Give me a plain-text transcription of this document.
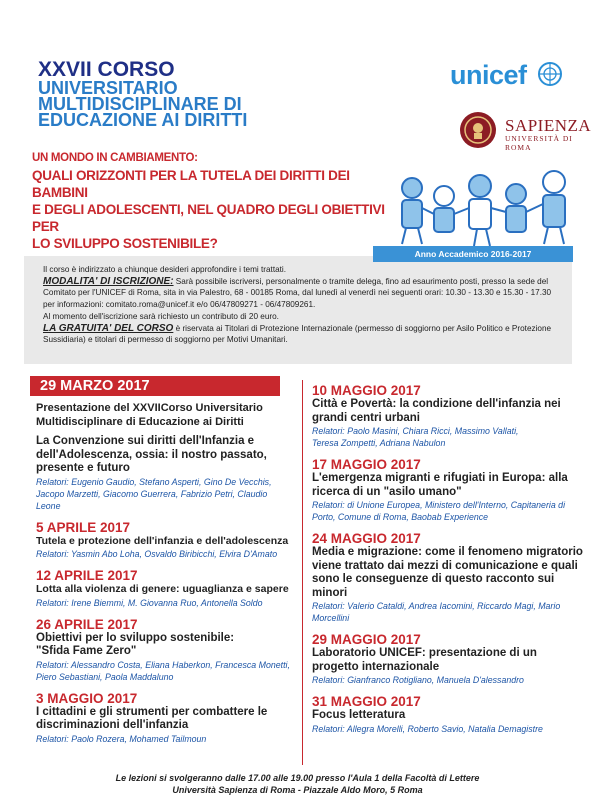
XXVII CORSO
UNIVERSITARIO
MULTIDISCIPLINARE DI
EDUCAZIONE AI DIRITTI
unicef
SAPIENZA
UNIVERSITÀ DI ROMA
UN MONDO IN CAMBIAMENTO:
QUALI ORIZZONTI PER LA TUTELA DEI DIRITTI DEI BAMBINI
E DEGLI ADOLESCENTI, NEL QUADRO DEGLI OBIETTIVI PER
LO SVILUPPO SOSTENIBILE?
Anno Accademico 2016-2017

Il corso è indirizzato a chiunque desideri approfondire i temi trattati.

MODALITA' DI ISCRIZIONE: Sarà possibile iscriversi, personalmente o tramite delega, fino ad esaurimento posti, presso la sede del Comitato per l'UNICEF di Roma, sita in via Palestro, 68 - 00185 Roma, dal lunedì al venerdì nei seguenti orari: 10.30 - 13.30 e 15.30 - 17.30 per informazioni: comitato.roma@unicef.it e/o 06/47809271 - 06/47809261.

Al momento dell'iscrizione sarà richiesto un contributo di 20 euro.

LA GRATUITA' DEL CORSO è riservata ai Titolari di Protezione Internazionale (permesso di soggiorno per Asilo Politico e Protezione Sussidiaria) e titolari di permesso di soggiorno per Motivi Umanitari.

29 MARZO 2017
Presentazione del XXVIICorso Universitario
Multidisciplinare di Educazione ai Diritti
La Convenzione sui diritti dell'Infanzia e dell'Adolescenza, ossia: il nostro passato, presente e futuro
Relatori: Eugenio Gaudio, Stefano Asperti, Gino De Vecchis, Jacopo Marzetti, Giacomo Guerrera, Fabrizio Petri, Claudio Leone
5 APRILE 2017
Tutela e protezione dell'infanzia e dell'adolescenza
Relatori: Yasmin Abo Loha, Osvaldo Biribicchi, Elvira D'Amato
12 APRILE 2017
Lotta alla violenza di genere: uguaglianza e sapere
Relatori: Irene Biemmi, M. Giovanna Ruo, Antonella Soldo
26 APRILE 2017
Obiettivi per lo sviluppo sostenibile: "Sfida Fame Zero"
Relatori: Alessandro Costa, Eliana Haberkon, Francesca Monetti, Piero Sebastiani, Paola Maddaluno
3 MAGGIO 2017
I cittadini e gli strumenti per combattere le discriminazioni dell'infanzia
Relatori: Paolo Rozera, Mohamed Tailmoun
10 MAGGIO 2017
Città e Povertà: la condizione dell'infanzia nei grandi centri urbani
Relatori: Paolo Masini, Chiara Ricci, Massimo Vallati, Teresa Zompetti, Adriana Nabulon
17 MAGGIO 2017
L'emergenza migranti e rifugiati in Europa: alla ricerca di un "asilo umano"
Relatori: di Unione Europea, Ministero dell'Interno, Capitaneria di Porto, Comune di Roma, Baobab Experience
24 MAGGIO 2017
Media e migrazione: come il fenomeno migratorio viene trattato dai mezzi di comunicazione e quali sono le conseguenze di questo racconto sui minori
Relatori: Valerio Cataldi, Andrea Iacomini, Riccardo Magi, Mario Morcellini
29 MAGGIO 2017
Laboratorio UNICEF: presentazione di un progetto internazionale
Relatori: Gianfranco Rotigliano, Manuela D'alessandro
31 MAGGIO 2017
Focus letteratura
Relatori: Allegra Morelli, Roberto Savio, Natalia Demagistre
Le lezioni si svolgeranno dalle 17.00 alle 19.00 presso l'Aula 1 della Facoltà di Lettere
Università Sapienza di Roma - Piazzale Aldo Moro, 5 Roma
